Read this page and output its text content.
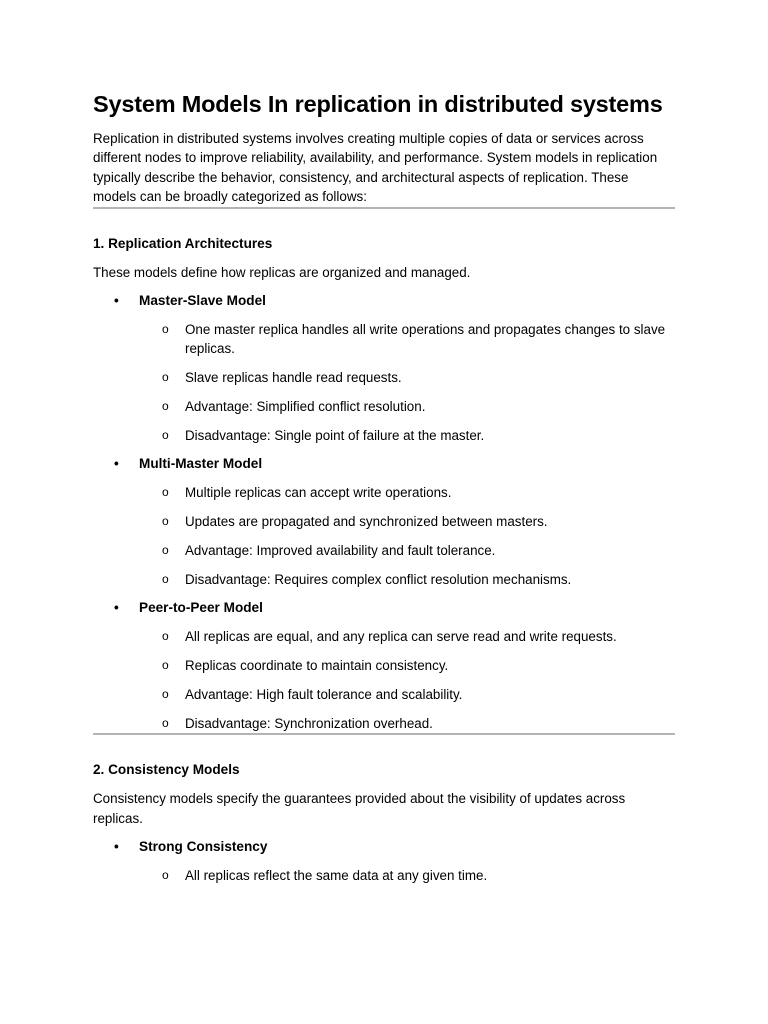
System Models In replication in distributed systems

Replication in distributed systems involves creating multiple copies of data or services across different nodes to improve reliability, availability, and performance. System models in replication typically describe the behavior, consistency, and architectural aspects of replication. These models can be broadly categorized as follows:

1. Replication Architectures

These models define how replicas are organized and managed.

• Master-Slave Model
o One master replica handles all write operations and propagates changes to slave replicas.
o Slave replicas handle read requests.
o Advantage: Simplified conflict resolution.
o Disadvantage: Single point of failure at the master.
• Multi-Master Model
o Multiple replicas can accept write operations.
o Updates are propagated and synchronized between masters.
o Advantage: Improved availability and fault tolerance.
o Disadvantage: Requires complex conflict resolution mechanisms.
• Peer-to-Peer Model
o All replicas are equal, and any replica can serve read and write requests.
o Replicas coordinate to maintain consistency.
o Advantage: High fault tolerance and scalability.
o Disadvantage: Synchronization overhead.
2. Consistency Models

Consistency models specify the guarantees provided about the visibility of updates across replicas.

• Strong Consistency
o All replicas reflect the same data at any given time.
